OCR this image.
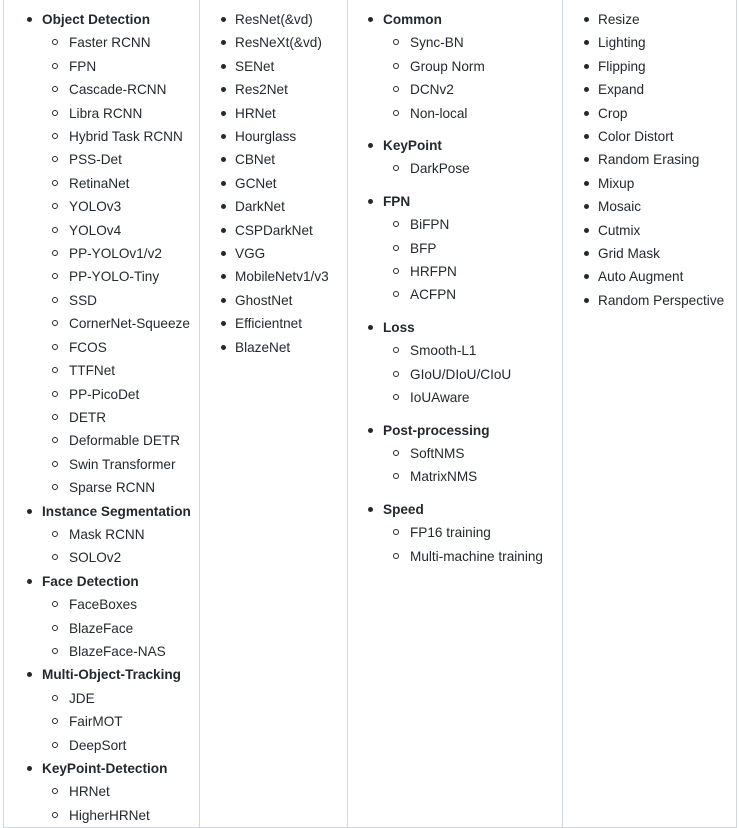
Object Detection
Faster RCNN
FPN
Cascade-RCNN
Libra RCNN
Hybrid Task RCNN
PSS-Det
RetinaNet
YOLOv3
YOLOv4
PP-YOLOv1/v2
PP-YOLO-Tiny
SSD
CornerNet-Squeeze
FCOS
TTFNet
PP-PicoDet
DETR
Deformable DETR
Swin Transformer
Sparse RCNN
Instance Segmentation
Mask RCNN
SOLOv2
Face Detection
FaceBoxes
BlazeFace
BlazeFace-NAS
Multi-Object-Tracking
JDE
FairMOT
DeepSort
KeyPoint-Detection
HRNet
HigherHRNet

ResNet(&vd)
ResNeXt(&vd)
SENet
Res2Net
HRNet
Hourglass
CBNet
GCNet
DarkNet
CSPDarkNet
VGG
MobileNetv1/v3
GhostNet
Efficientnet
BlazeNet

Common
Sync-BN
Group Norm
DCNv2
Non-local
KeyPoint
DarkPose
FPN
BiFPN
BFP
HRFPN
ACFPN
Loss
Smooth-L1
GIoU/DIoU/CIoU
IoUAware
Post-processing
SoftNMS
MatrixNMS
Speed
FP16 training
Multi-machine training

Resize
Lighting
Flipping
Expand
Crop
Color Distort
Random Erasing
Mixup
Mosaic
Cutmix
Grid Mask
Auto Augment
Random Perspective
